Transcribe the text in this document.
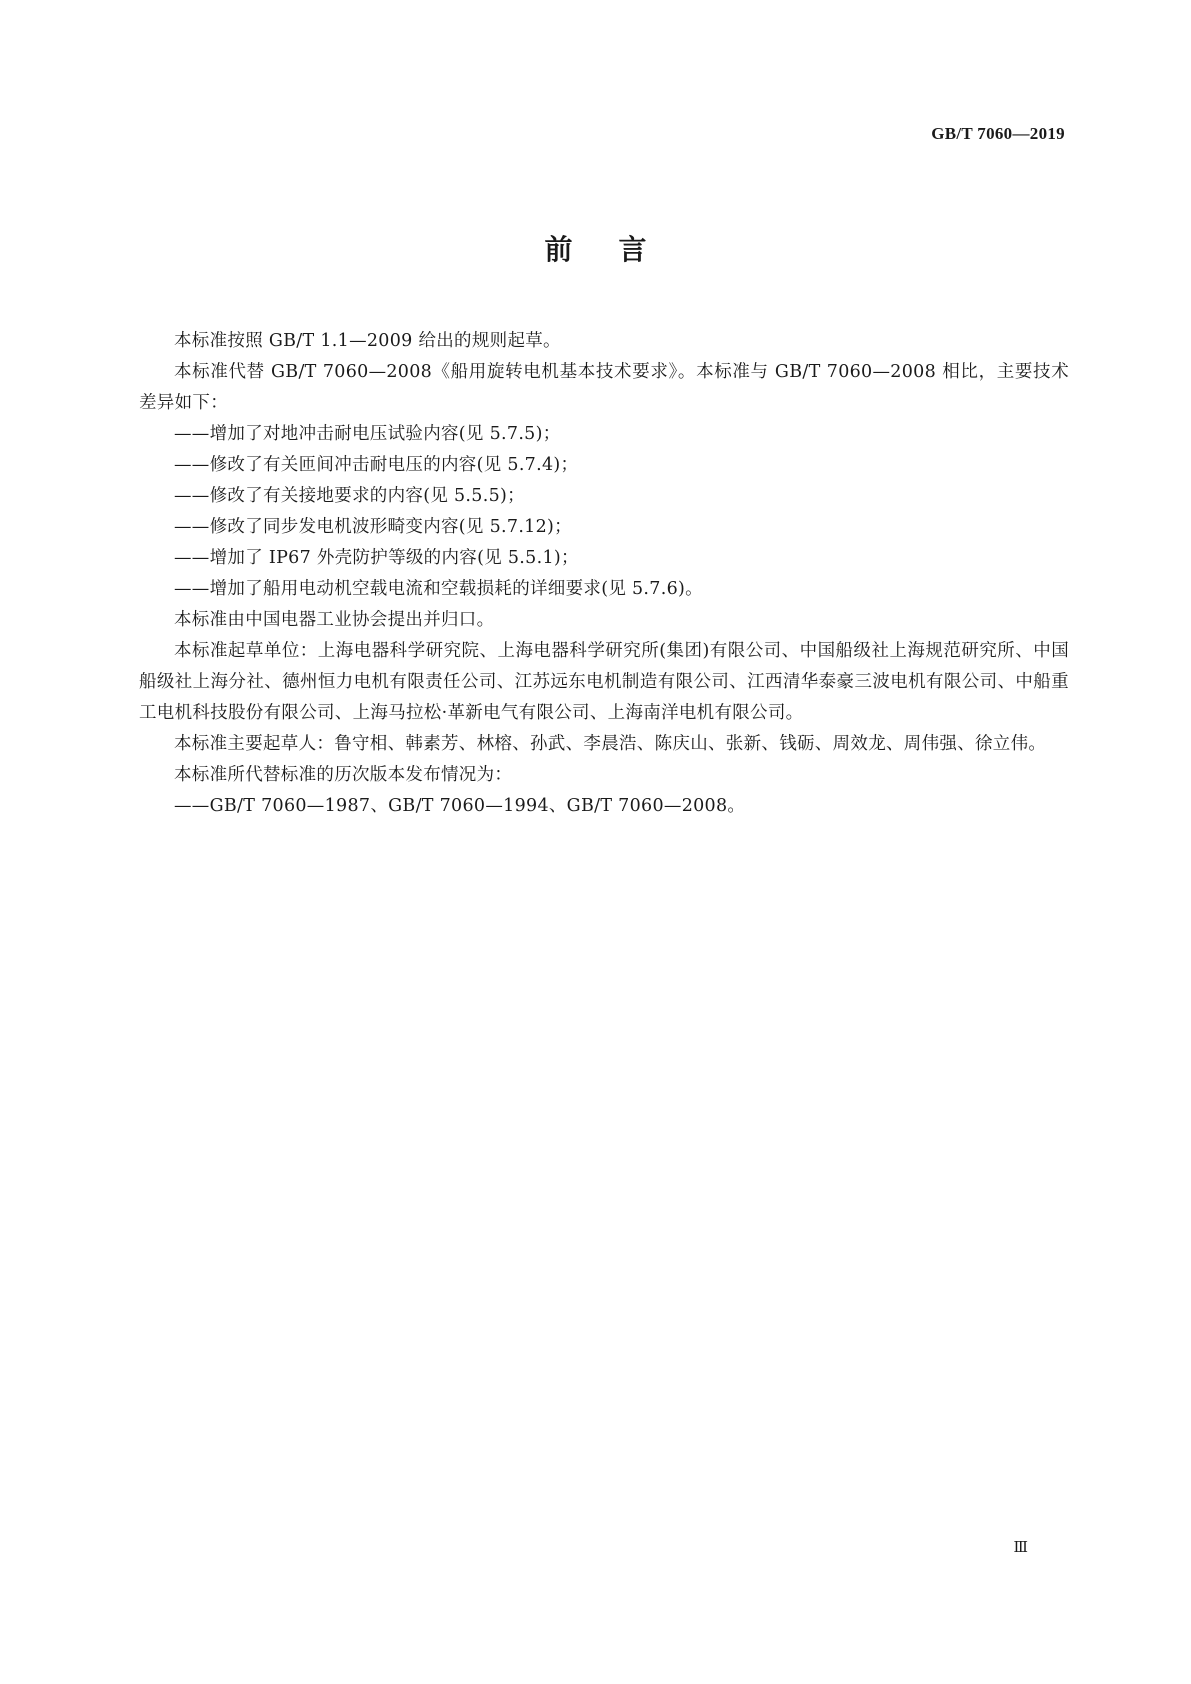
GB/T 7060—2019
前言

本标准按照 GB/T 1.1—2009 给出的规则起草。

本标准代替 GB/T 7060—2008《船用旋转电机基本技术要求》。本标准与 GB/T 7060—2008 相比，主要技术差异如下：

——增加了对地冲击耐电压试验内容(见 5.7.5)；

——修改了有关匝间冲击耐电压的内容(见 5.7.4)；

——修改了有关接地要求的内容(见 5.5.5)；

——修改了同步发电机波形畸变内容(见 5.7.12)；

——增加了 IP67 外壳防护等级的内容(见 5.5.1)；

——增加了船用电动机空载电流和空载损耗的详细要求(见 5.7.6)。

本标准由中国电器工业协会提出并归口。

本标准起草单位：上海电器科学研究院、上海电器科学研究所(集团)有限公司、中国船级社上海规范研究所、中国船级社上海分社、德州恒力电机有限责任公司、江苏远东电机制造有限公司、江西清华泰豪三波电机有限公司、中船重工电机科技股份有限公司、上海马拉松·革新电气有限公司、上海南洋电机有限公司。

本标准主要起草人：鲁守相、韩素芳、林榕、孙武、李晨浩、陈庆山、张新、钱砺、周效龙、周伟强、徐立伟。

本标准所代替标准的历次版本发布情况为：

——GB/T 7060—1987、GB/T 7060—1994、GB/T 7060—2008。

Ⅲ
